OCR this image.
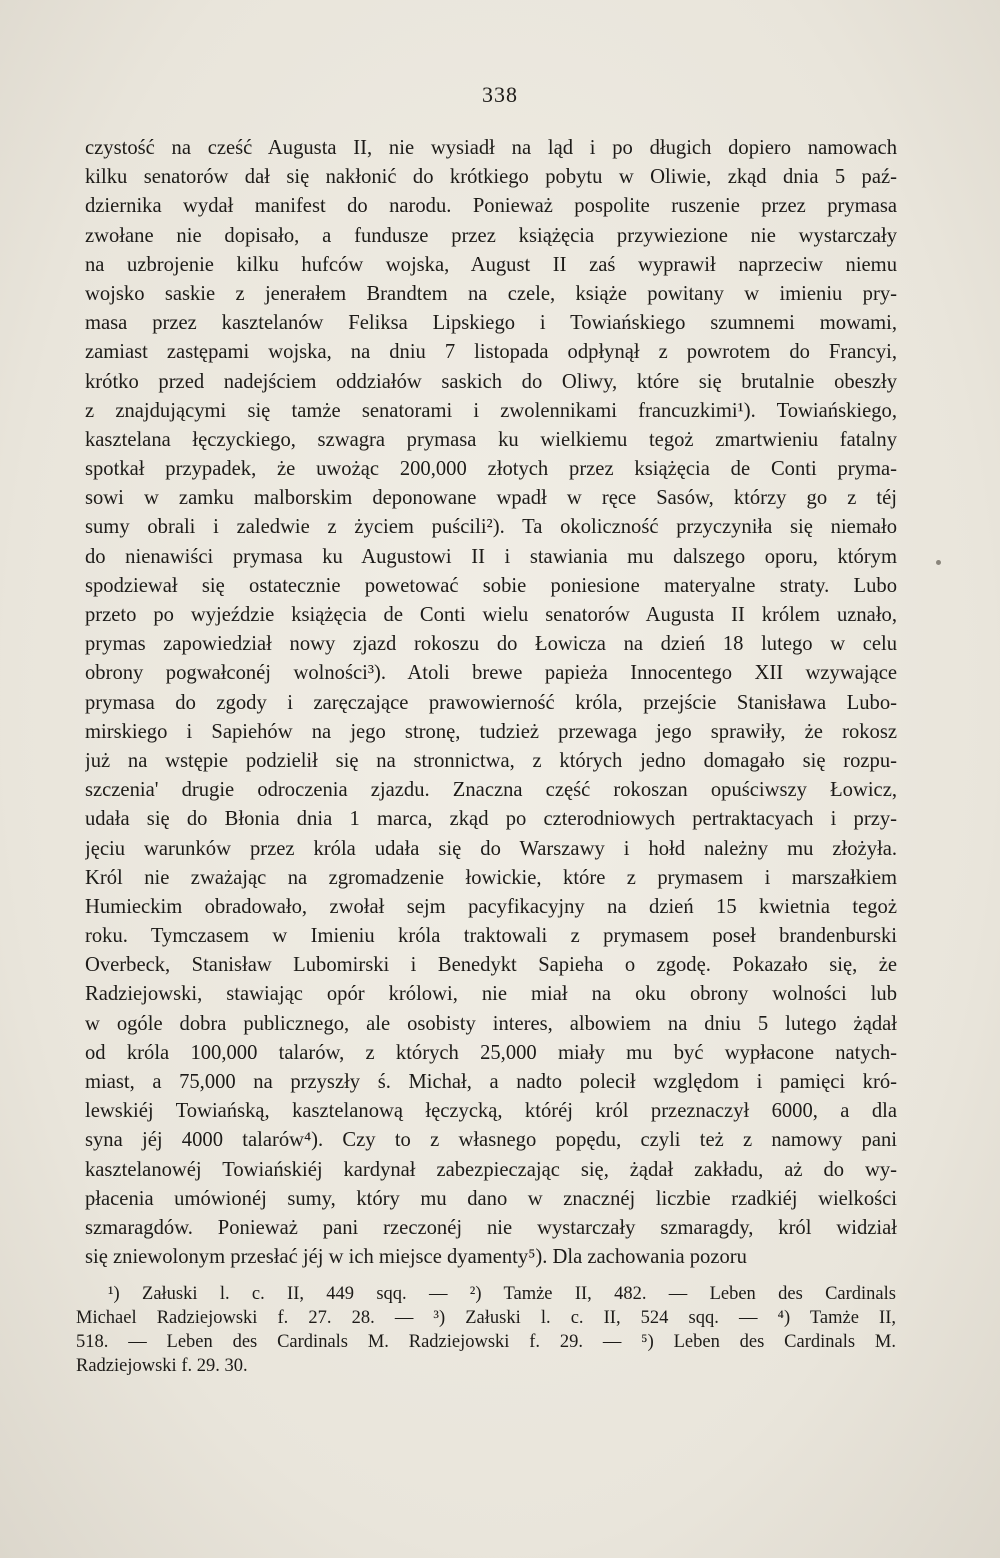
338
czystość na cześć Augusta II, nie wysiadł na ląd i po długich dopiero namowach
kilku senatorów dał się nakłonić do krótkiego pobytu w Oliwie, zkąd dnia 5 paź-
dziernika wydał manifest do narodu. Ponieważ pospolite ruszenie przez prymasa
zwołane nie dopisało, a fundusze przez książęcia przywiezione nie wystarczały
na uzbrojenie kilku hufców wojska, August II zaś wyprawił naprzeciw niemu
wojsko saskie z jenerałem Brandtem na czele, książe powitany w imieniu pry-
masa przez kasztelanów Feliksa Lipskiego i Towiańskiego szumnemi mowami,
zamiast zastępami wojska, na dniu 7 listopada odpłynął z powrotem do Francyi,
krótko przed nadejściem oddziałów saskich do Oliwy, które się brutalnie obeszły
z znajdującymi się tamże senatorami i zwolennikami francuzkimi¹). Towiańskiego,
kasztelana łęczyckiego, szwagra prymasa ku wielkiemu tegoż zmartwieniu fatalny
spotkał przypadek, że uwożąc 200,000 złotych przez książęcia de Conti pryma-
sowi w zamku malborskim deponowane wpadł w ręce Sasów, którzy go z téj
sumy obrali i zaledwie z życiem puścili²). Ta okoliczność przyczyniła się niemało
do nienawiści prymasa ku Augustowi II i stawiania mu dalszego oporu, którym
spodziewał się ostatecznie powetować sobie poniesione materyalne straty. Lubo
przeto po wyjeździe książęcia de Conti wielu senatorów Augusta II królem uznało,
prymas zapowiedział nowy zjazd rokoszu do Łowicza na dzień 18 lutego w celu
obrony pogwałconéj wolności³). Atoli brewe papieża Innocentego XII wzywające
prymasa do zgody i zaręczające prawowierność króla, przejście Stanisława Lubo-
mirskiego i Sapiehów na jego stronę, tudzież przewaga jego sprawiły, że rokosz
już na wstępie podzielił się na stronnictwa, z których jedno domagało się rozpu-
szczenia' drugie odroczenia zjazdu. Znaczna część rokoszan opuściwszy Łowicz,
udała się do Błonia dnia 1 marca, zkąd po czterodniowych pertraktacyach i przy-
jęciu warunków przez króla udała się do Warszawy i hołd należny mu złożyła.
Król nie zważając na zgromadzenie łowickie, które z prymasem i marszałkiem
Humieckim obradowało, zwołał sejm pacyfikacyjny na dzień 15 kwietnia tegoż
roku. Tymczasem w Imieniu króla traktowali z prymasem poseł brandenburski
Overbeck, Stanisław Lubomirski i Benedykt Sapieha o zgodę. Pokazało się, że
Radziejowski, stawiając opór królowi, nie miał na oku obrony wolności lub
w ogóle dobra publicznego, ale osobisty interes, albowiem na dniu 5 lutego żądał
od króla 100,000 talarów, z których 25,000 miały mu być wypłacone natych-
miast, a 75,000 na przyszły ś. Michał, a nadto polecił względom i pamięci kró-
lewskiéj Towiańską, kasztelanową łęczycką, któréj król przeznaczył 6000, a dla
syna jéj 4000 talarów⁴). Czy to z własnego popędu, czyli też z namowy pani
kasztelanowéj Towiańskiéj kardynał zabezpieczając się, żądał zakładu, aż do wy-
płacenia umówionéj sumy, który mu dano w znacznéj liczbie rzadkiéj wielkości
szmaragdów. Ponieważ pani rzeczonéj nie wystarczały szmaragdy, król widział
się zniewolonym przesłać jéj w ich miejsce dyamenty⁵). Dla zachowania pozoru
¹) Załuski l. c. II, 449 sqq. — ²) Tamże II, 482. — Leben des Cardinals
Michael Radziejowski f. 27. 28. — ³) Załuski l. c. II, 524 sqq. — ⁴) Tamże II,
518. — Leben des Cardinals M. Radziejowski f. 29. — ⁵) Leben des Cardinals M.
Radziejowski f. 29. 30.
